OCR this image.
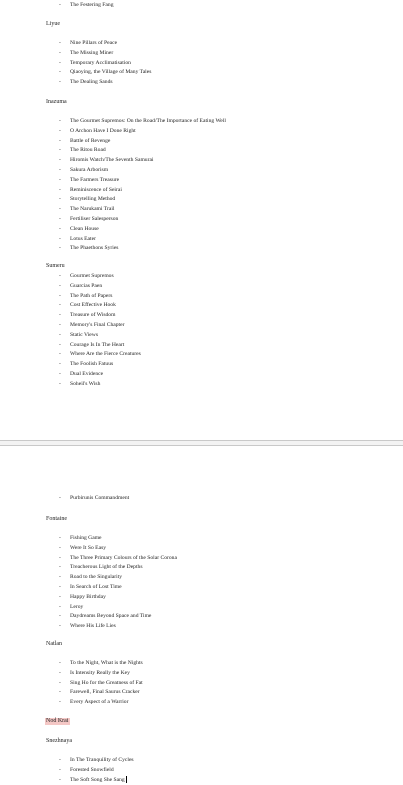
- The Festering Fang
Liyue
- Nine Pillars of Peace
- The Missing Miner
- Temporary Acclimatisation
- Qiaoying, the Village of Many Tales
- The Dealing Sands
Inazuma
- The Gourmet Supremos: On the Road/The Importance of Eating Well
- O Archon Have I Done Right
- Battle of Revenge
- The Ritou Road
- Hiromis Watch/The Seventh Samurai
- Sakura Arborism
- The Farmers Treasure
- Reminiscence of Seirai
- Storytelling Method
- The Narukami Trail
- Fertiliser Salesperson
- Clean House
- Lotus Eater
- The Phaethons Syries
Sumeru
- Gourmet Supremos
- Guarcias Paen
- The Path of Papers
- Cost Effective Hook
- Treasure of Wisdom
- Memory's Final Chapter
- Static Views
- Courage Is In The Heart
- Where Are the Fierce Creatures
- The Foolish Fatuus
- Dual Evidence
- Soheil's Wish
- Purbirunis Commandment
Fontaine
- Fishing Game
- Were It So Easy
- The Three Primary Colours of the Solar Corona
- Treacherous Light of the Depths
- Road to the Singularity
- In Search of Lost Time
- Happy Birthday
- Leroy
- Daydreams Beyond Space and Time
- Where His Life Lies
Natlan
- To the Night, What is the Nights
- Is Intensity Really the Key
- Sing Ho for the Greatness of Fat
- Farewell, Final Saurus Cracker
- Every Aspect of a Warrior
Nod Krai
Snezhnaya
- In The Tranquility of Cycles
- Forested Snowfield
- The Soft Song She Sang
